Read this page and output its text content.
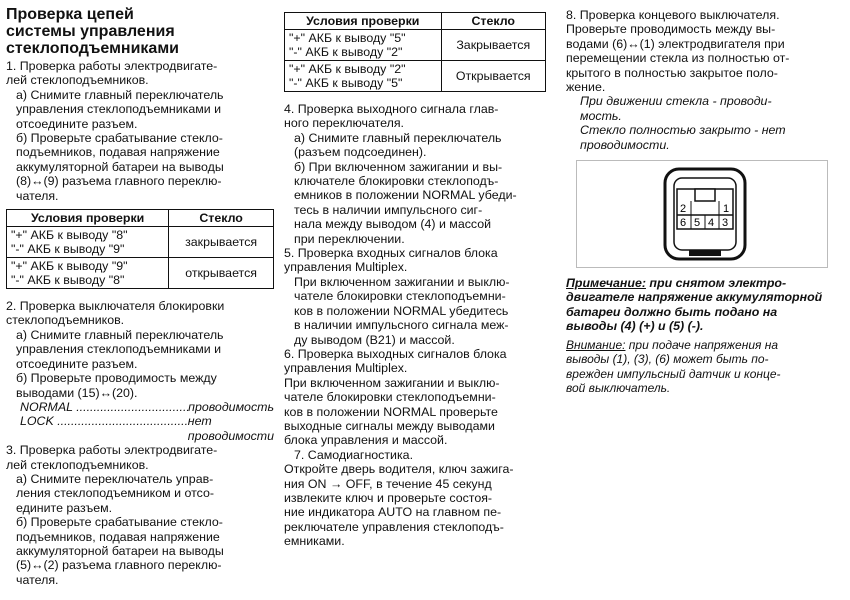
Проверка цепей
системы управления
стеклоподъемниками

1. Проверка работы электродвигате-
лей стеклоподъемников.

а) Снимите главный переключатель
управления стеклоподъемниками и
отсоедините разъем.

б) Проверьте срабатывание стекло-
подъемников, подавая напряжение
аккумуляторной батареи на выводы
(8)↔(9) разъема главного переклю-
чателя.

Условия проверки	Стекло
"+" АКБ к выводу "8"
"-" АКБ к выводу "9"	закрывается
"+" АКБ к выводу "9"
"-" АКБ к выводу "8"	открывается

2. Проверка выключателя блокировки
стеклоподъемников.

а) Снимите главный переключатель
управления стеклоподъемниками и
отсоедините разъем.

б) Проверьте проводимость между
выводами (15)↔(20).

NORMAL .....	проводимость
LOCK .....	нет проводимости

3. Проверка работы электродвигате-
лей стеклоподъемников.

а) Снимите переключатель управ-
ления стеклоподъемником и отсо-
едините разъем.

б) Проверьте срабатывание стекло-
подъемников, подавая напряжение
аккумуляторной батареи на выводы
(5)↔(2) разъема главного переклю-
чателя.

Условия проверки	Стекло
"+" АКБ к выводу "5"
"-" АКБ к выводу "2"	Закрывается
"+" АКБ к выводу "2"
"-" АКБ к выводу "5"	Открывается

4. Проверка выходного сигнала глав-
ного переключателя.

а) Снимите главный переключатель
(разъем подсоединен).

б) При включенном зажигании и вы-
ключателе блокировки стеклоподъ-
емников в положении NORMAL убеди-
тесь в наличии импульсного сиг-
нала между выводом (4) и массой
при переключении.

5. Проверка входных сигналов блока
управления Multiplex.

При включенном зажигании и выклю-
чателе блокировки стеклоподъемни-
ков в положении NORMAL убедитесь
в наличии импульсного сигнала меж-
ду выводом (В21) и массой.

6. Проверка выходных сигналов блока
управления Multiplex.

При включенном зажигании и выклю-
чателе блокировки стеклоподъемни-
ков в положении NORMAL проверьте
выходные сигналы между выводами
блока управления и массой.

7. Самодиагностика.

Откройте дверь водителя, ключ зажига-
ния ON → OFF, в течение 45 секунд
извлеките ключ и проверьте состоя-
ние индикатора AUTO на главном пе-
реключателе управления стеклоподъ-
емниками.

8. Проверка концевого выключателя.

Проверьте проводимость между вы-
водами (6)↔(1) электродвигателя при
перемещении стекла из полностью от-
крытого в полностью закрытое поло-
жение.

При движении стекла - проводи-
мость.
Стекло полностью закрыто - нет
проводимости.

2	1
6 5 4 3

Примечание: при снятом электро-
двигателе напряжение аккумуляторной
батареи должно быть подано на
выводы (4) (+) и (5) (-).

Внимание: при подаче напряжения на
выводы (1), (3), (6) может быть по-
врежден импульсный датчик и конце-
вой выключатель.
